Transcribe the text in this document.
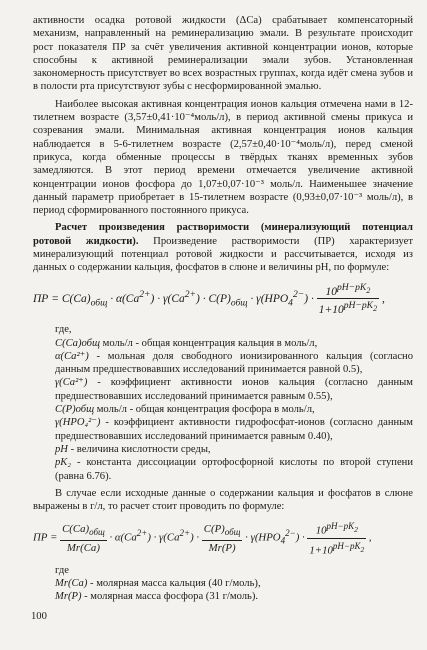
активности осадка ротовой жидкости (ΔСа) срабатывает компенсаторный механизм, направленный на реминерализацию эмали. В результате происходит рост показателя ПР за счёт увеличения активной концентрации ионов, которые способны к активной реминерализации эмали зубов. Установленная закономерность присутствует во всех возрастных группах, когда идёт смена зубов и в полости рта присутствуют зубы с несформированной эмалью.

Наиболее высокая активная концентрация ионов кальция отмечена нами в 12-тилетнем возрасте (3,57±0,41·10⁻⁴моль/л), в период активной смены прикуса и созревания эмали. Минимальная активная концентрация ионов кальция наблюдается в 5-6-тилетнем возрасте (2,57±0,40·10⁻⁴моль/л), перед сменой прикуса, когда обменные процессы в твёрдых тканях временных зубов замедляются. В этот период времени отмечается увеличение активной концентрации ионов фосфора до 1,07±0,07·10⁻³ моль/л. Наименьшее значение данный параметр приобретает в 15-тилетнем возрасте (0,93±0,07·10⁻³ моль/л), в период сформированного постоянного прикуса.

Расчет произведения растворимости (минерализующий потенциал ротовой жидкости). Произведение растворимости (ПР) характеризует минерализующий потенциал ротовой жидкости и рассчитывается, исходя из данных о содержании кальция, фосфатов в слюне и величины pH, по формуле:

ПР = $C(Ca)_{общ} \cdot \alpha(Ca^{2+}) \cdot \gamma(Ca^{2+}) \cdot C(P)_{общ} \cdot \gamma(HPO_4^{2-}) \cdot \frac{10^{pH-pK_2}}{1+10^{pH-pK_2}}$ ,

где,

C(Ca)общ моль/л - общая концентрация кальция в моль/л,

α(Ca²⁺) - мольная доля свободного ионизированного кальция (согласно данным предшествовавших исследований принимается равной 0.5),

γ(Ca²⁺) - коэффициент активности ионов кальция (согласно данным предшествовавших исследований принимается равным 0.55),

C(P)общ моль/л - общая концентрация фосфора в моль/л,

γ(HPO₄²⁻) - коэффициент активности гидрофосфат-ионов (согласно данным предшествовавших исследований принимается равным 0.40),

pH - величина кислотности среды,

pK₂ - константа диссоциации ортофосфорной кислоты по второй ступени (равна 6.76).

В случае если исходные данные о содержании кальция и фосфатов в слюне выражены в г/л, то расчет стоит проводить по формуле:

ПР = $\frac{C(Ca)_{общ}}{Mr(Ca)} \cdot \alpha(Ca^{2+}) \cdot \gamma(Ca^{2+}) \cdot \frac{C(P)_{общ}}{Mr(P)} \cdot \gamma(HPO_4^{2-}) \cdot \frac{10^{pH-pK_2}}{1+10^{pH-pK_2}}$ ,

где

Mr(Ca) - молярная масса кальция (40 г/моль),

Mr(P) - молярная масса фосфора (31 г/моль).

100
